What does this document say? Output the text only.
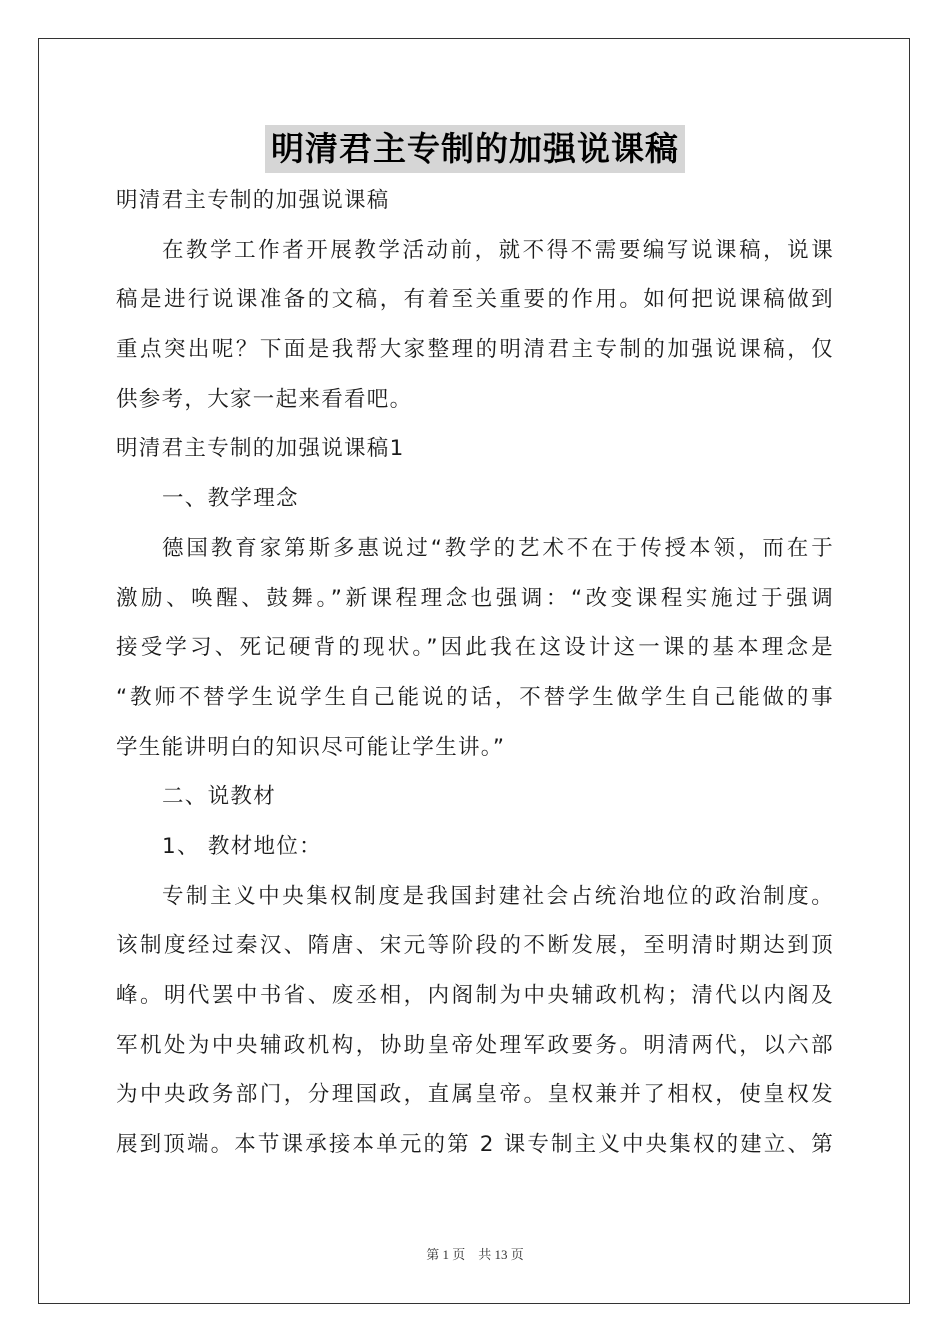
明清君主专制的加强说课稿
明清君主专制的加强说课稿
在教学工作者开展教学活动前，就不得不需要编写说课稿，说课
稿是进行说课准备的文稿，有着至关重要的作用。如何把说课稿做到
重点突出呢？下面是我帮大家整理的明清君主专制的加强说课稿，仅
供参考，大家一起来看看吧。
明清君主专制的加强说课稿1
一、教学理念
德国教育家第斯多惠说过“教学的艺术不在于传授本领，而在于
激励、唤醒、鼓舞。”新课程理念也强调：“改变课程实施过于强调
接受学习、死记硬背的现状。”因此我在这设计这一课的基本理念是
“教师不替学生说学生自己能说的话，不替学生做学生自己能做的事
学生能讲明白的知识尽可能让学生讲。”
二、说教材
1、 教材地位：
专制主义中央集权制度是我国封建社会占统治地位的政治制度。
该制度经过秦汉、隋唐、宋元等阶段的不断发展，至明清时期达到顶
峰。明代罢中书省、废丞相，内阁制为中央辅政机构；清代以内阁及
军机处为中央辅政机构，协助皇帝处理军政要务。明清两代，以六部
为中央政务部门，分理国政，直属皇帝。皇权兼并了相权，使皇权发
展到顶端。本节课承接本单元的第 2 课专制主义中央集权的建立、第
第 1 页　共 13 页
